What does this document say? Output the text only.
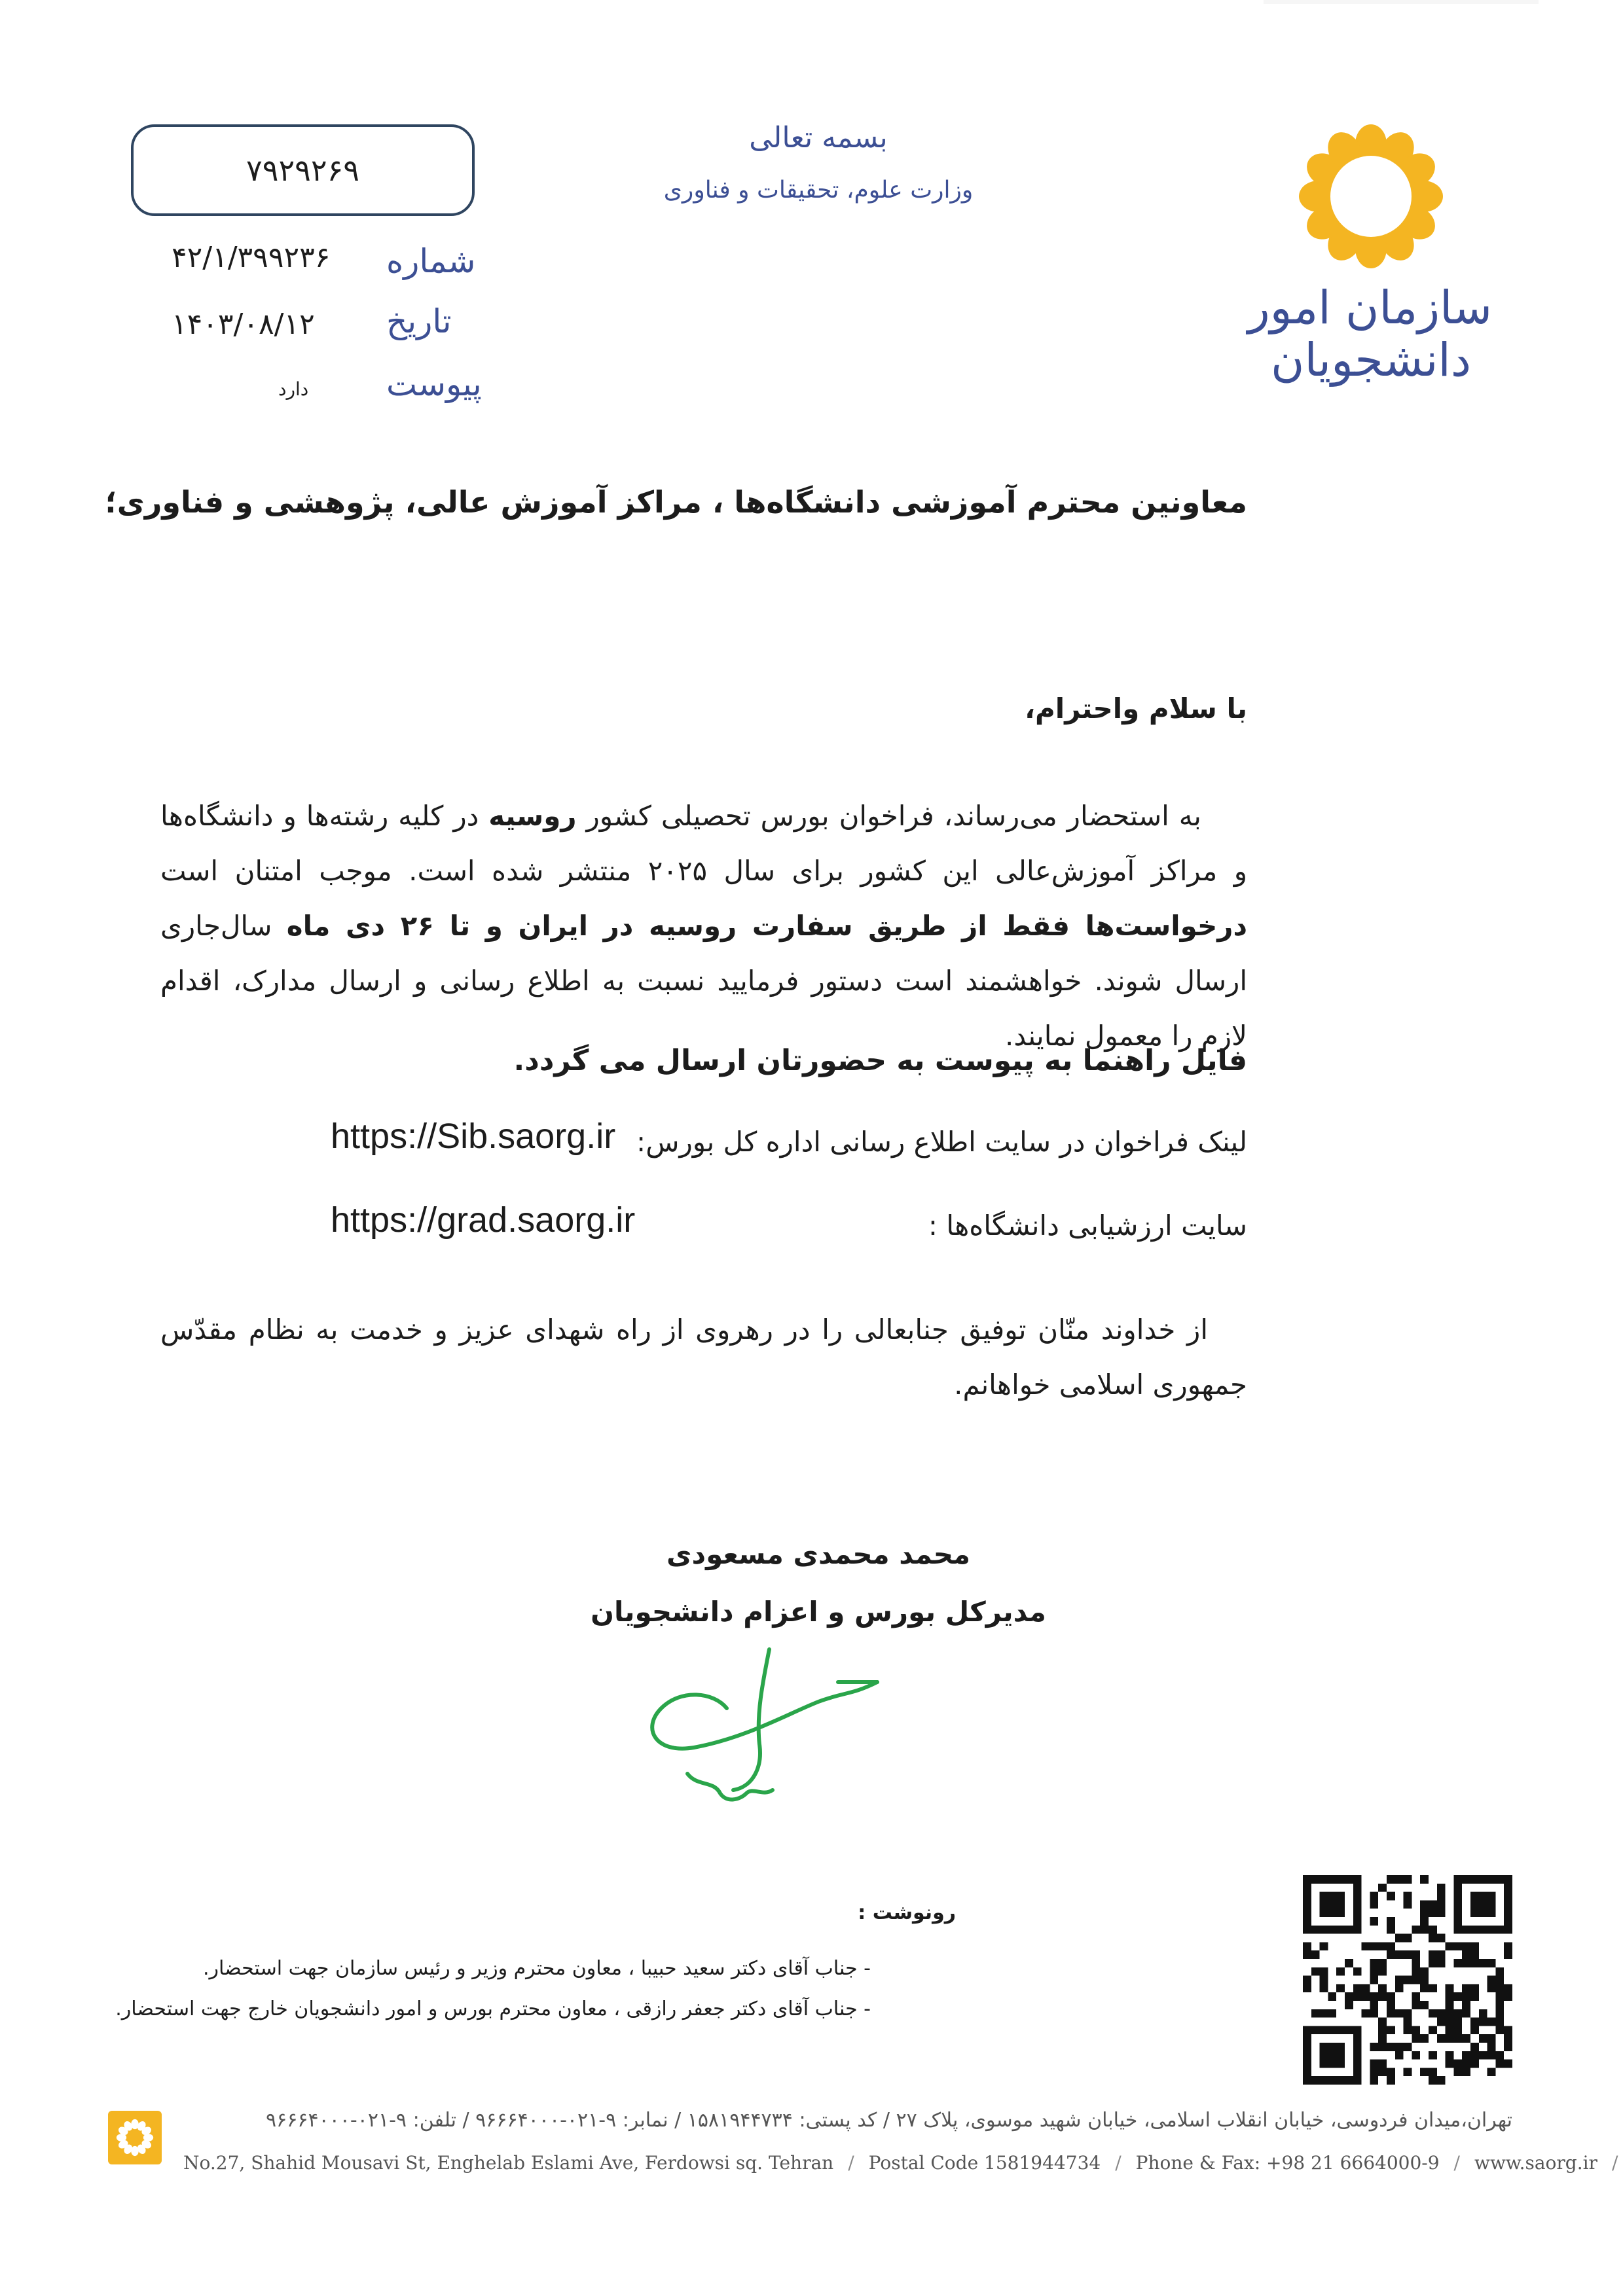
سازمان امور
دانشجویان
بسمه تعالی
وزارت علوم، تحقیقات و فناوری
۷۹۲۹۲۶۹
شماره
۴۲/۱/۳۹۹۲۳۶
تاریخ
۱۴۰۳/۰۸/۱۲
پیوست
دارد
معاونین محترم آموزشی دانشگاه‌ها ، مراکز آموزش عالی، پژوهشی و فناوری؛
با سلام واحترام،

به استحضار می‌رساند، فراخوان بورس تحصیلی کشور روسیه در کلیه رشته‌ها و دانشگاه‌ها و مراکز آموزش‌عالی این کشور برای سال ۲۰۲۵ منتشر شده است. موجب امتنان است درخواست‌ها فقط از طریق سفارت روسیه در ایران و تا ۲۶ دی ماه سال‌جاری ارسال شوند. خواهشمند است دستور فرمایید نسبت به اطلاع رسانی و ارسال مدارک، اقدام لازم را معمول نمایند.

فایل راهنما به پیوست به حضورتان ارسال می گردد.
لینک فراخوان در سایت اطلاع رسانی اداره کل بورس:
https://Sib.saorg.ir
سایت ارزشیابی دانشگاه‌ها :
https://grad.saorg.ir

از خداوند منّان توفیق جنابعالی را در رهروی از راه شهدای عزیز و خدمت به نظام مقدّس جمهوری اسلامی خواهانم.

محمد محمدی مسعودی
مدیرکل بورس و اعزام دانشجویان
رونوشت :
- جناب آقای دکتر سعید حبیبا ، معاون محترم وزیر و رئیس سازمان جهت استحضار.
- جناب آقای دکتر جعفر رازقی ، معاون محترم بورس و امور دانشجویان خارج جهت استحضار.
تهران،میدان فردوسی، خیابان انقلاب اسلامی، خیابان شهید موسوی، پلاک ۲۷ / کد پستی: ۱۵۸۱۹۴۴۷۳۴ / نمابر: ۹-۰۲۱-۹۶۶۶۴۰۰۰ / تلفن: ۹-۰۲۱-۹۶۶۶۴۰۰۰
No.27, Shahid Mousavi St, Enghelab Eslami Ave, Ferdowsi sq. Tehran / Postal Code 1581944734 / Phone & Fax: +98 21 6664000-9 / www.saorg.ir /
